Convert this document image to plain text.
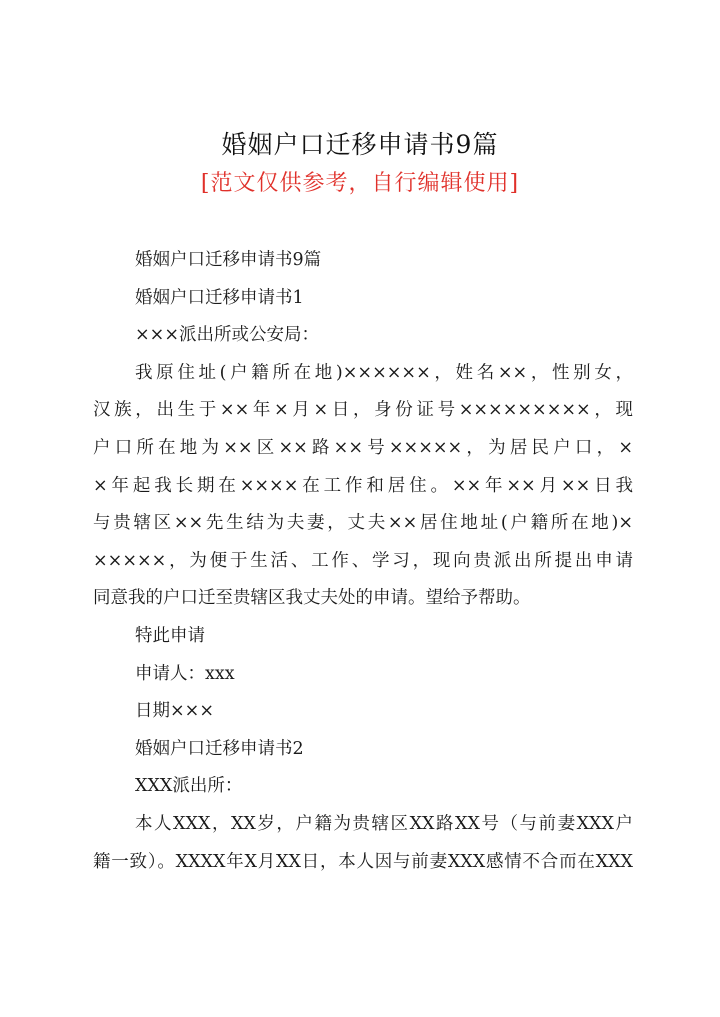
婚姻户口迁移申请书9篇
[范文仅供参考，自行编辑使用]
婚姻户口迁移申请书9篇
婚姻户口迁移申请书1
×××派出所或公安局：
我原住址(户籍所在地)××××××，姓名××，性别女，
汉族，出生于××年×月×日，身份证号×××××××××，现
户口所在地为××区××路××号×××××，为居民户口，×
×年起我长期在××××在工作和居住。××年××月××日我
与贵辖区××先生结为夫妻，丈夫××居住地址(户籍所在地)×
×××××，为便于生活、工作、学习，现向贵派出所提出申请
同意我的户口迁至贵辖区我丈夫处的申请。望给予帮助。
特此申请
申请人：xxx
日期×××
婚姻户口迁移申请书2
XXX派出所：
本人XXX，XX岁，户籍为贵辖区XX路XX号（与前妻XXX户
籍一致）。XXXX年X月XX日，本人因与前妻XXX感情不合而在XXX
